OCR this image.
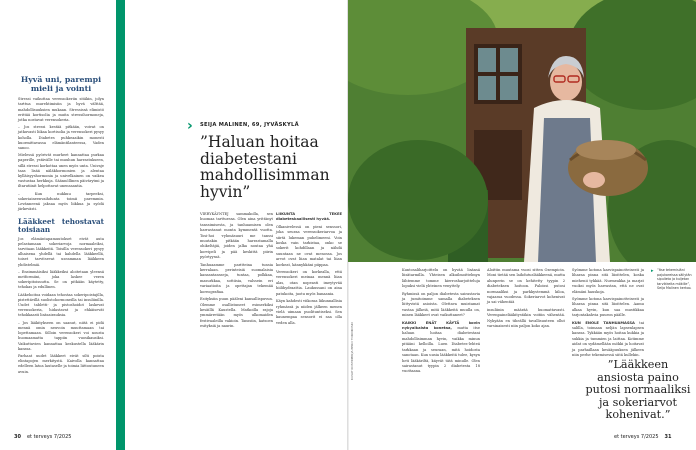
Hyvä uni, parempi mieli ja vointi

Stressi vaikuttaa verensokeriin sitäkin, jolyn tarttua murehtimisiin ja hyvä välttää, mahdollisuuksien mukaan. Stressissä elimistö erittää kortisolia ja muita stressihormoneja, jotka nostavat verensokeria.

– Jos stressi kestää pitkään, voivat on jatkuvasti liikaa kortisolia ja verensokeri pysyy koholla. Diabetes puhkeaaikin monesti kuormittavassa elämäntilanteessa, Vaden sanoo.

Mielessä pyörivät murheet kannattaa purkaa paperille, ystävälle tai muuhun harrastukseen, sillä stressi korkottaa unen myös unta. Univaje taas lisää näläkhormonien ja alentaa kylläisyyshormonia ja univelkainen on vaikea vastustaa herkkuja. Säännöllinen päivärytmi ja iltarutiinit helpottavat unensaantia.

– Kun nukkuu tarpeeksi, sokeriaineenvaihdunta toimii paremmin. Levänneenä jaksaa myös liikkua ja syödä järkevästi.

Lääkkeet tehostavat toisiaan

Jos elämäntapamuutokset eivät auta pelastamaan sokeriarvoja normaaleiksi, tarvitaan lääkkeitä. Toisilla verensokeri pysyy alhaisena yhdellä tai kahdella lääkkeellä, toiset tarvitsevat useamman lääkkeen yhdistelmiä.

– Ensimmäisiksi lääkkeiksi aloitetaan yleensä metformiini, joka laskee veren sokeripitoisuutta. Se on pitkään käytetty, tehokas ja edullinen.

Lääkehoitoa voidaan tehostaa sokeripoistajilla, pistettävillä suolistohormoneilla tai insuliinilla. Uudet tabletti- ja pistoshoidot laskevat verensokeria, hidastavat ja ehkäisevät tehokkaasti lisäsairauksia.

– Jos lääkitykseen on saanut, niitä ei pidä mennä omin neuvoin muuttamaan tai lopettamaan. Silloin verensokeri voi nousta huomaamatta tappiin vuosikausiksi. Vaikuttavien kannattaa keskustella lääkärin kanssa.

Parhaat uudet lääkkeet eivät silti poista elintapojen merkitystä. Kaivolla kannattaa edelleen latoa lautaselle ja toimia liittoutuneen avuin.

› SEIJA MALINEN, 69, JYVÄSKYLÄ
”Haluan hoitaa diabetestani mahdollisimman hyvin”

VIERYKÄYNTEJ sammakolla, sen huomaa tarttuessa. Olen aina yrittänyt tanssimisesta, ja tanhuamisen olen harrastanut monta kymmentä vuotta. Tosi-hoi -ryhmäsuuri me tanssi muutakin pitkään harrastamalla ohikeltäjiä, joiden jalka noutaa yhä korvipeli ja pää keskittä piirin pyörtyyssä.

Tanhuaamme paritteina tunsia kerralaan. perinteisiä suomalaisia kansantansseja, tuntaa, polkkaa, masurkkaa, sottiisia, valssein eri variaatioita ja opettajan tekemää koreografiaa.

Esityksiin puun pääleni kansallispuvun. Olemme osallistuneet esimerkiksi kesäillä Kaustella. Matkoilla rajoja ymmärretään myös ulkomaiden festivaaleilla vakioin. Tanssiin, katsoen esityksiä ja naurin.

LIIKUNTA TEKEE diabeteskaallisesti hyvää.

Olkanivelessä on pieni senssori, joka seuraa verensokeriarvoa ja siirtä lukeman puhelimeeni. Voin koska vain tarkistaa, onko se sokerit kohdillaan ja nähdä suuntaan ne ovat menossa. Jos arvot ovat liian matalat tai liian korkeat, kännykkäni piippaa.

Verensokeri on korkealla, että verensokeri meinaa mennä liian alas, otan nopeasti imeytyvää hiilihydraattia. Laukussani on aina patukoita, juotu myös banaania.

Käyn kahdesti viikossa liikunnallisia ryhmässä ja niiden jälkeen menen vielä uimaan puolituntiseksi. Sen kaunempaa sensorit ei saa olla veden alla.

30 et terveys 7/2025
KUVAT KOSTINEN JA EERO TORVIKOSKI

Kuntosaliharjoittelu on hyvää lisänsä liisätarmilla. Yhteisen alkuilmoittelmyn lähtemme tomme kierrosharjoitteluja lopuksi vielä yhteinen venyttely.

Ryhmissä on paljon diabetesta sairastavia ja jumitoimme samalla diabeteksen liittyvistä asioista. Olettava muistamat vastaa jälkeiä, mitä lääkkeitä muulla on, minen lääkkeet ovat vaikuttaneet?

KAIKKI ENÄT KÄYTÄ kovin nykyaikaista konetaa, mutta itse haluan hoitaa diabetestani mahdollisimman hyvin, vaikka minun pitääni kelloilla. Luen Diabetes-lehteä tarkkaan ja seuraan, mitä hoidosta sanotaan. Kun uusia lääkkeitä tulee, kysyn heti lääkäriltä, käyvät tätä minulle. Olen sairastanut tyypin 2 diabetesta 18 vuottaana.

Aloittin muutama vuosi sitten Ozempicin. Moni tietää sen laihdutuslääkkeenä, mutta alunperin se on kehitetty tyypin 2 diabeteksen hoitoon. Paloissi putosi normaaliksi ja parkkystemmä kiloa, vajaassa vuodessa. Sokeriarvot kohenivat ja sai vähentää

insuliinin määrää huomattavasti. Verenpainelääkitystäkin voitiin vähentää. Nykyään en tiheällä tavallisuuteen ollut varsinaisesti niin paljon koko ajan.

Syömme kotona kasvispainotteisesti ja liharaa pinna sitä liioittelen, koska miehenii tykkää. Nurmeakka ja marjat vuoksi myös harrastan, että ne ovat elämäni hauskoja.

Syömme kotona kasvispainotteisesti ja liharaa pinna sitä liioittelen. Aamu alkaa hyvin, kun saa mustikkaa tarjontakahvia puuron päälle.

KUN ENOLE TANHUAMASSA tai salilla, toimaan neljän lapsenlapsen kanssa. Tykkään myös hoitaa kukkia ja sukkia ja tummien ja laittaa. Kotimme aidat on sydämellään mökki ja hoitavat ja parhaillaan kesääpuuksen jälkeen niin perhe tekemisessä siitä kullekin.

▸ ”Itse tekemisiäni pajukoreissa säilytän sipulieta ja kuljetan tarvikkeita mökille”, Seija Malinen kertoo.

”Lääkkeen ansiosta paino putosi normaaliksi ja sokeriarvot kohenivat.”

et terveys 7/2025 31
